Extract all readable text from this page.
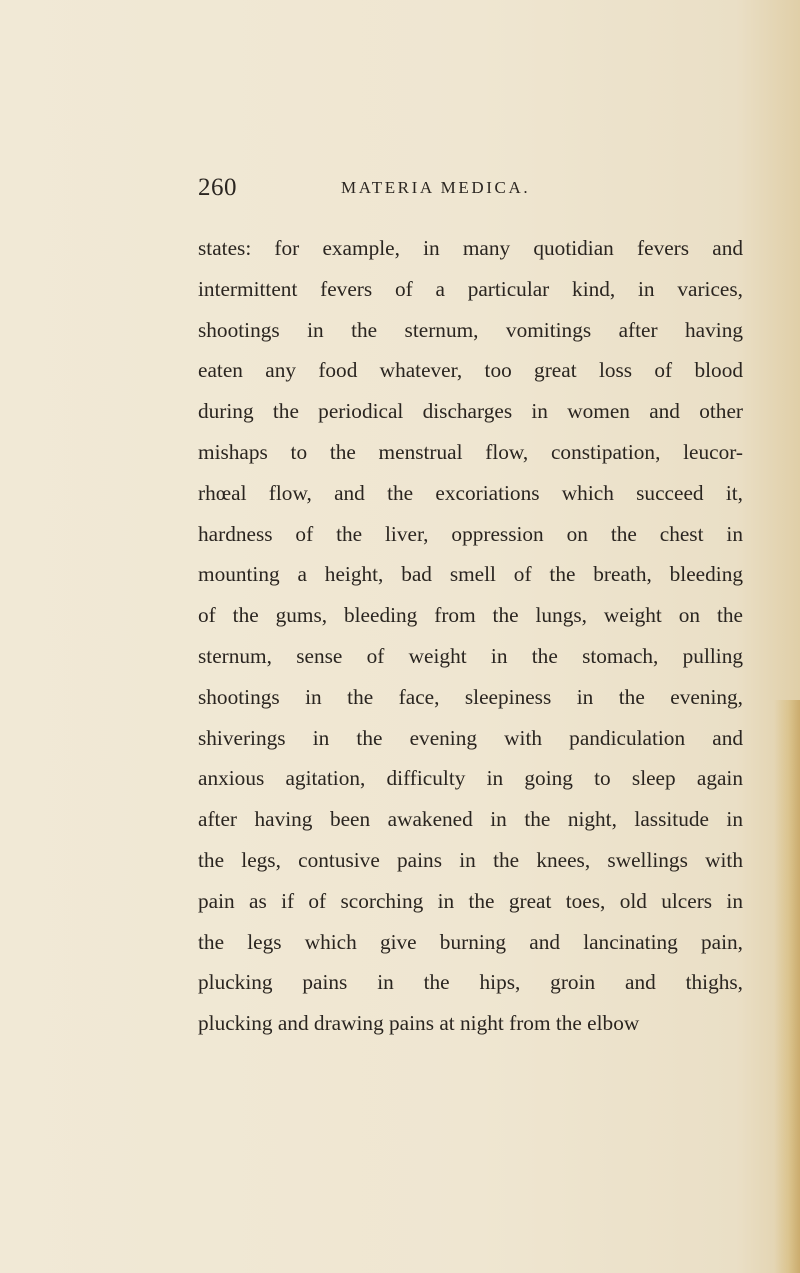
260	MATERIA MEDICA.
states: for example, in many quotidian fevers and
intermittent fevers of a particular kind, in varices,
shootings in the sternum, vomitings after having
eaten any food whatever, too great loss of blood
during the periodical discharges in women and other
mishaps to the menstrual flow, constipation, leucor-
rhœal flow, and the excoriations which succeed it,
hardness of the liver, oppression on the chest in
mounting a height, bad smell of the breath, bleeding
of the gums, bleeding from the lungs, weight on the
sternum, sense of weight in the stomach, pulling
shootings in the face, sleepiness in the evening,
shiverings in the evening with pandiculation and
anxious agitation, difficulty in going to sleep again
after having been awakened in the night, lassitude in
the legs, contusive pains in the knees, swellings with
pain as if of scorching in the great toes, old ulcers in
the legs which give burning and lancinating pain,
plucking pains in the hips, groin and thighs,
plucking and drawing pains at night from the elbow
